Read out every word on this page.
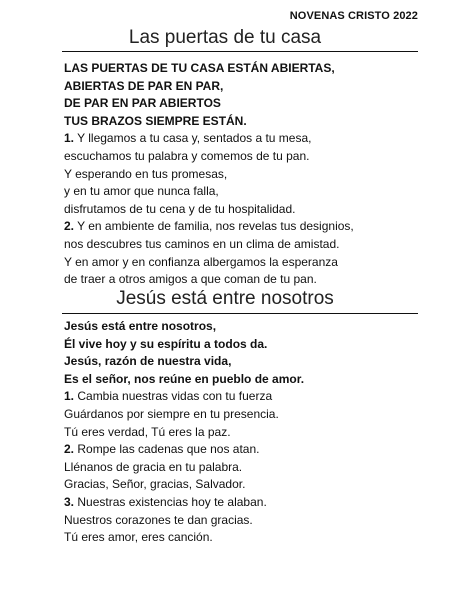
NOVENAS CRISTO 2022
Las puertas de tu casa
LAS PUERTAS DE TU CASA ESTÁN ABIERTAS,
ABIERTAS DE PAR EN PAR,
DE PAR EN PAR ABIERTOS
TUS BRAZOS SIEMPRE ESTÁN.
1. Y llegamos a tu casa y, sentados a tu mesa,
escuchamos tu palabra y comemos de tu pan.
Y esperando en tus promesas,
y en tu amor que nunca falla,
disfrutamos de tu cena y de tu hospitalidad.
2. Y en ambiente de familia, nos revelas tus designios,
nos descubres tus caminos en un clima de amistad.
Y en amor y en confianza albergamos la esperanza
de traer a otros amigos a que coman de tu pan.
Jesús está entre nosotros
Jesús está entre nosotros,
Él vive hoy y su espíritu a todos da.
Jesús, razón de nuestra vida,
Es el señor, nos reúne en pueblo de amor.
1. Cambia nuestras vidas con tu fuerza
Guárdanos por siempre en tu presencia.
Tú eres verdad, Tú eres la paz.
2. Rompe las cadenas que nos atan.
Llénanos de gracia en tu palabra.
Gracias, Señor, gracias, Salvador.
3. Nuestras existencias hoy te alaban.
Nuestros corazones te dan gracias.
Tú eres amor, eres canción.
